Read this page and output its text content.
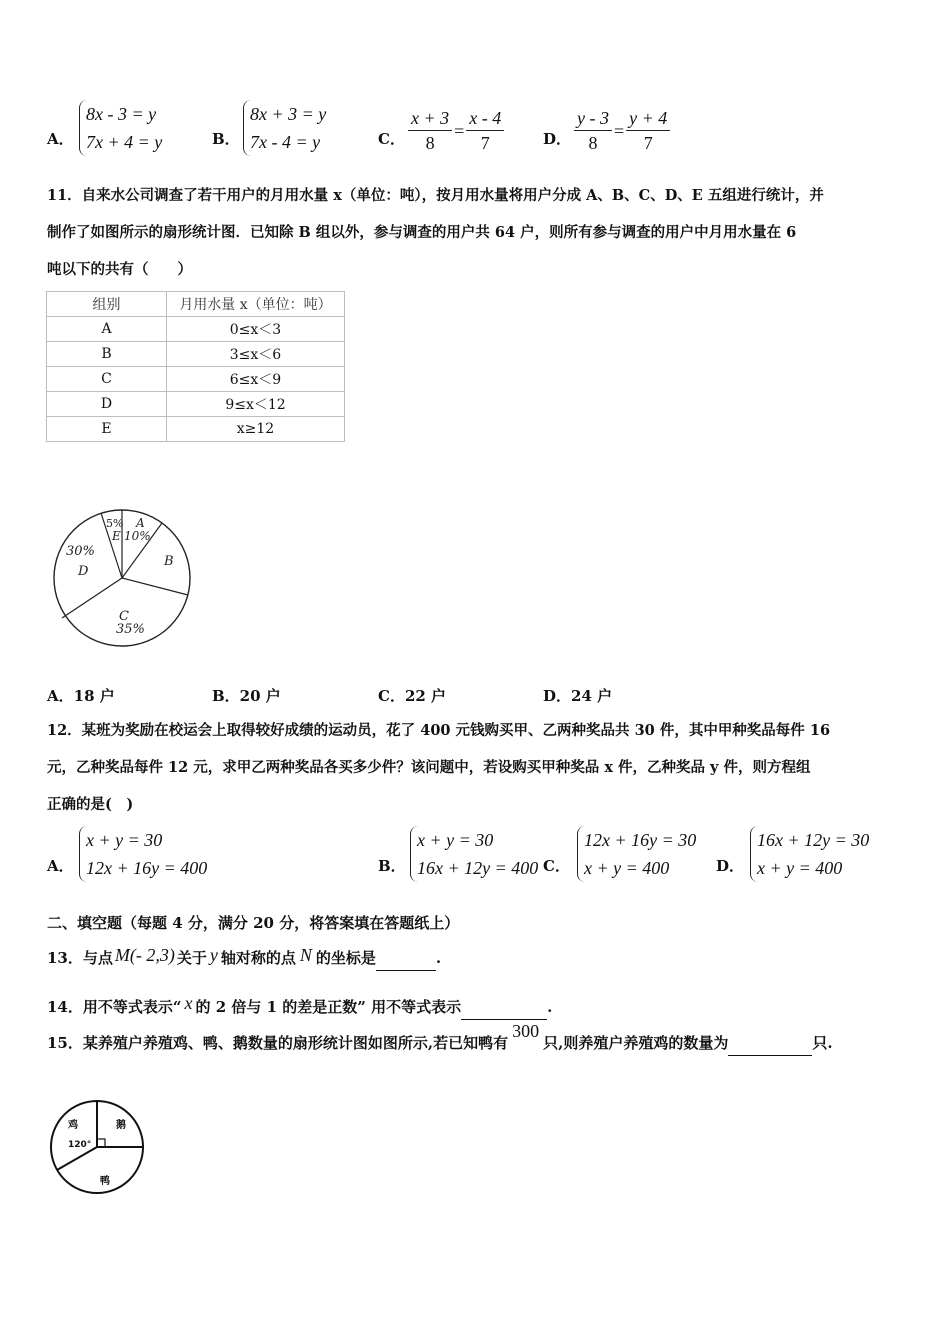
A．
8x - 3 = y
7x + 4 = y	B．
8x + 3 = y
7x - 4 = y	C． $\frac{x + 3}{8} = \frac{x - 4}{7}$	D． $\frac{y - 3}{8} = \frac{y + 4}{7}$
11．自来水公司调查了若干用户的月用水量 x（单位：吨），按月用水量将用户分成 A、B、C、D、E 五组进行统计，并
制作了如图所示的扇形统计图．已知除 B 组以外，参与调查的用户共 64 户，则所有参与调查的用户中月用水量在 6
吨以下的共有（　　）
组别	月用水量 x（单位：吨）
A	0≤x＜3
B	3≤x＜6
C	6≤x＜9
D	9≤x＜12
E	x≥12
5%
E
A
10%
B
30%
D
C
35%
A．18 户	B．20 户	C．22 户	D．24 户
12．某班为奖励在校运会上取得较好成绩的运动员，花了 400 元钱购买甲、乙两种奖品共 30 件，其中甲种奖品每件 16
元，乙种奖品每件 12 元，求甲乙两种奖品各买多少件？该问题中，若设购买甲种奖品 x 件，乙种奖品 y 件，则方程组
正确的是(　)
A．
x + y = 30
12x + 16y = 400	B．
x + y = 30
16x + 12y = 400 C．
12x + 16y = 30
x + y = 400	D．
16x + 12y = 30
x + y = 400
二、填空题（每题 4 分，满分 20 分，将答案填在答题纸上）
13．与点 M(- 2,3) 关于 y 轴对称的点 N 的坐标是	.
14．用不等式表示“ x 的 2 倍与 1 的差是正数” 用不等式表示	.
15．某养殖户养殖鸡、鸭、鹅数量的扇形统计图如图所示,若已知鸭有
300
只,则养殖户养殖鸡的数量为	只.
鸡	鹅
鸭
120°
